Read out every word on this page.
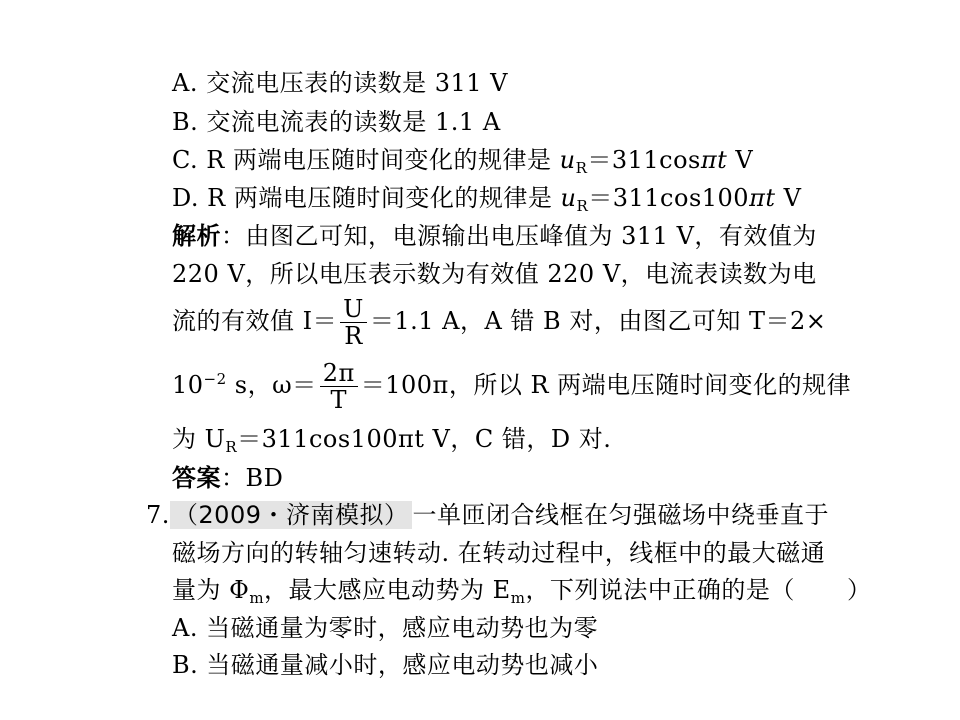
A. 交流电压表的读数是 311 V
B. 交流电流表的读数是 1.1 A
C. R 两端电压随时间变化的规律是 $u_R=311\cos\pi t$ V
D. R 两端电压随时间变化的规律是 $u_R=311\cos 100\pi t$ V
解析：由图乙可知，电源输出电压峰值为 311 V，有效值为
220 V，所以电压表示数为有效值 220 V，电流表读数为电
流的有效值 $I= \frac{U}{R} =1.1$ A，A 错 B 对，由图乙可知 T＝2×
$10^{-2}$ s，$\omega= \frac{2\pi}{T} =100\pi$，所以 R 两端电压随时间变化的规律
为 $U_R=311\cos 100\pi t$ V，C 错，D 对.
答案：BD
7. （2009・济南模拟） 一单匝闭合线框在匀强磁场中绕垂直于
磁场方向的转轴匀速转动. 在转动过程中，线框中的最大磁通
量为 $\Phi_m$，最大感应电动势为 $E_m$，下列说法中正确的是（ ）
A. 当磁通量为零时，感应电动势也为零
B. 当磁通量减小时，感应电动势也减小
